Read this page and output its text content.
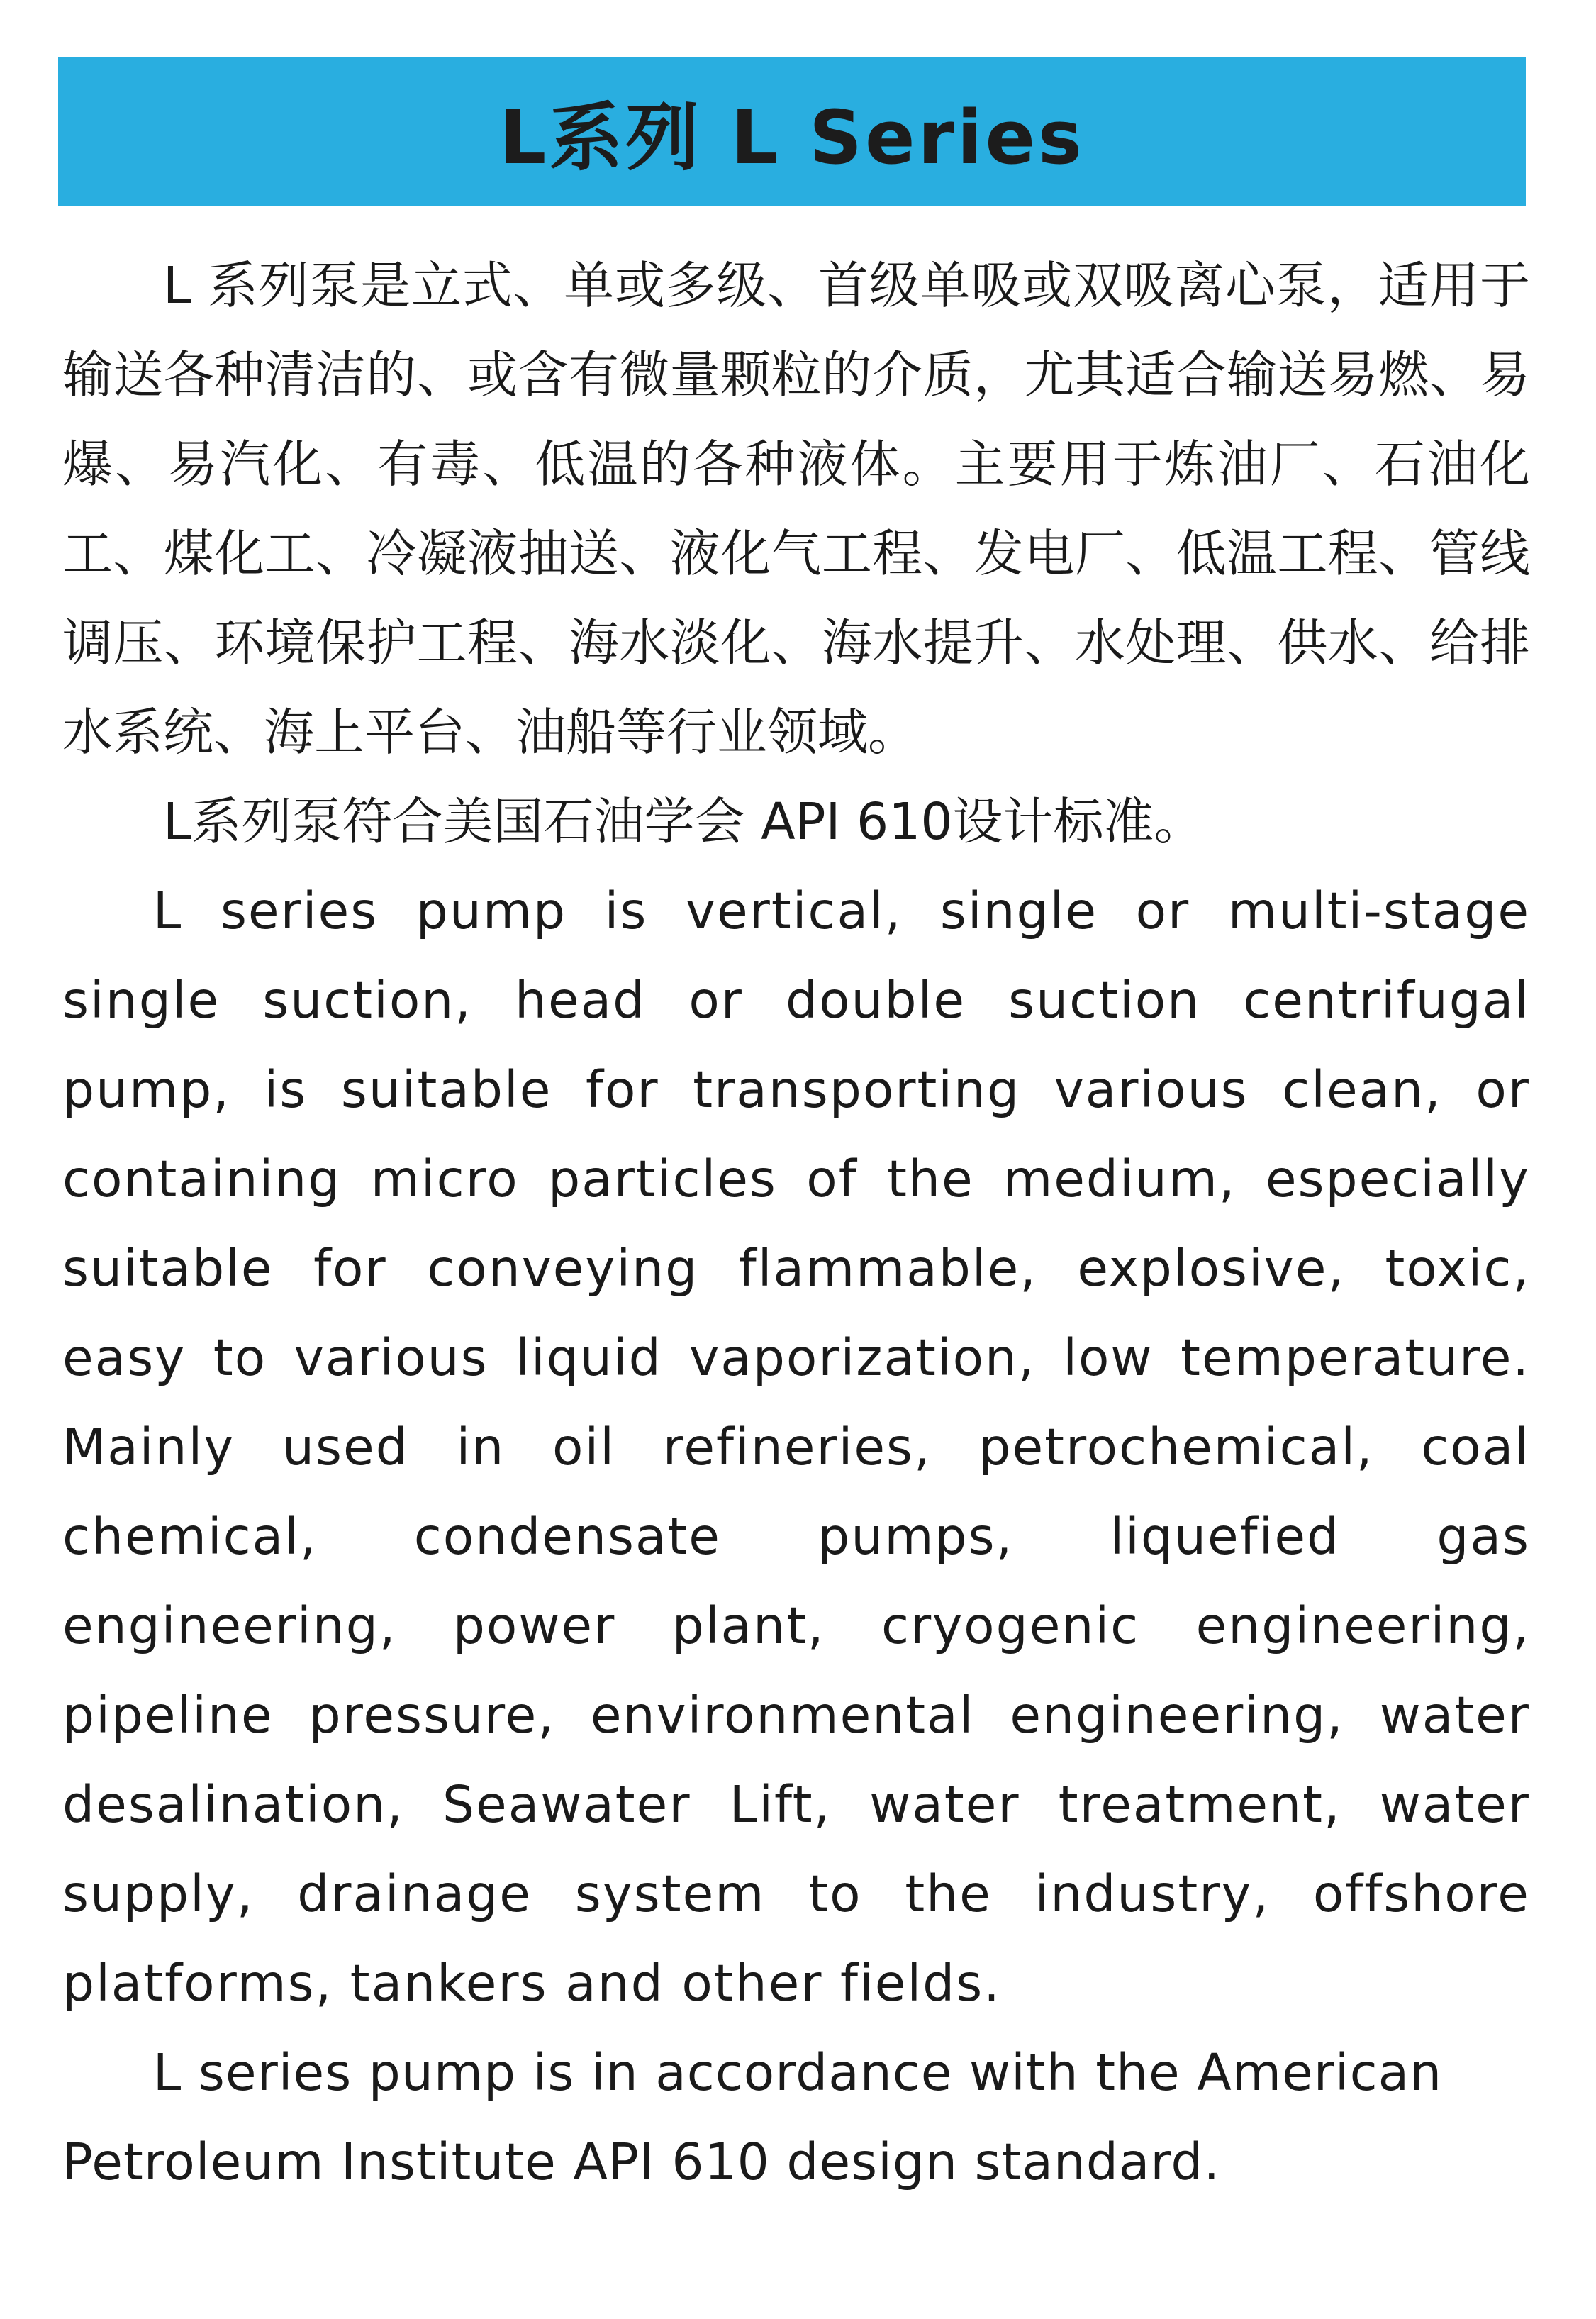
L系列 L Series

L 系列泵是立式、单或多级、首级单吸或双吸离心泵，适用于输送各种清洁的、或含有微量颗粒的介质，尤其适合输送易燃、易爆、易汽化、有毒、低温的各种液体。主要用于炼油厂、石油化工、煤化工、冷凝液抽送、液化气工程、发电厂、低温工程、管线调压、环境保护工程、海水淡化、海水提升、水处理、供水、给排水系统、海上平台、油船等行业领域。

L系列泵符合美国石油学会 API 610设计标准。

L series pump is vertical, single or multi-stage single suction, head or double suction centrifugal pump, is suitable for transporting various clean, or containing micro particles of the medium, especially suitable for conveying flammable, explosive, toxic, easy to various liquid vaporization, low temperature. Mainly used in oil refineries, petrochemical, coal chemical, condensate pumps, liquefied gas engineering, power plant, cryogenic engineering, pipeline pressure, environmental engineering, water desalination, Seawater Lift, water treatment, water supply, drainage system to the industry, offshore platforms, tankers and other fields.

L series pump is in accordance with the American Petroleum Institute API 610 design standard.
